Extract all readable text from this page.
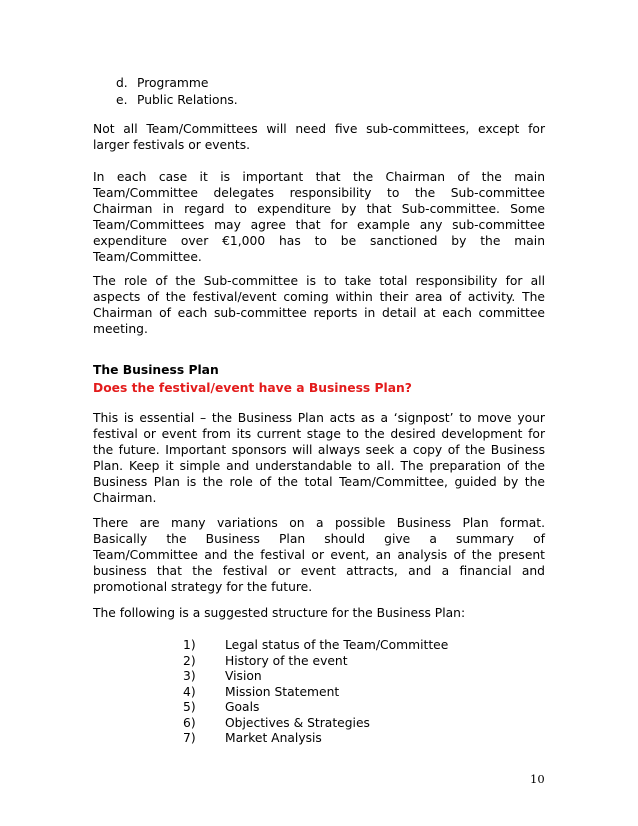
d. Programme
e. Public Relations.
Not all Team/Committees will need five sub-committees, except for
larger festivals or events.
In each case it is important that the Chairman of the main
Team/Committee delegates responsibility to the Sub-committee
Chairman in regard to expenditure by that Sub-committee. Some
Team/Committees may agree that for example any sub-committee
expenditure over €1,000 has to be sanctioned by the main
Team/Committee.
The role of the Sub-committee is to take total responsibility for all
aspects of the festival/event coming within their area of activity. The
Chairman of each sub-committee reports in detail at each committee
meeting.
The Business Plan
Does the festival/event have a Business Plan?
This is essential – the Business Plan acts as a ‘signpost’ to move your
festival or event from its current stage to the desired development for
the future. Important sponsors will always seek a copy of the Business
Plan. Keep it simple and understandable to all. The preparation of the
Business Plan is the role of the total Team/Committee, guided by the
Chairman.
There are many variations on a possible Business Plan format.
Basically the Business Plan should give a summary of
Team/Committee and the festival or event, an analysis of the present
business that the festival or event attracts, and a financial and
promotional strategy for the future.
The following is a suggested structure for the Business Plan:
1)	Legal status of the Team/Committee
2)	History of the event
3)	Vision
4)	Mission Statement
5)	Goals
6)	Objectives & Strategies
7)	Market Analysis
10
